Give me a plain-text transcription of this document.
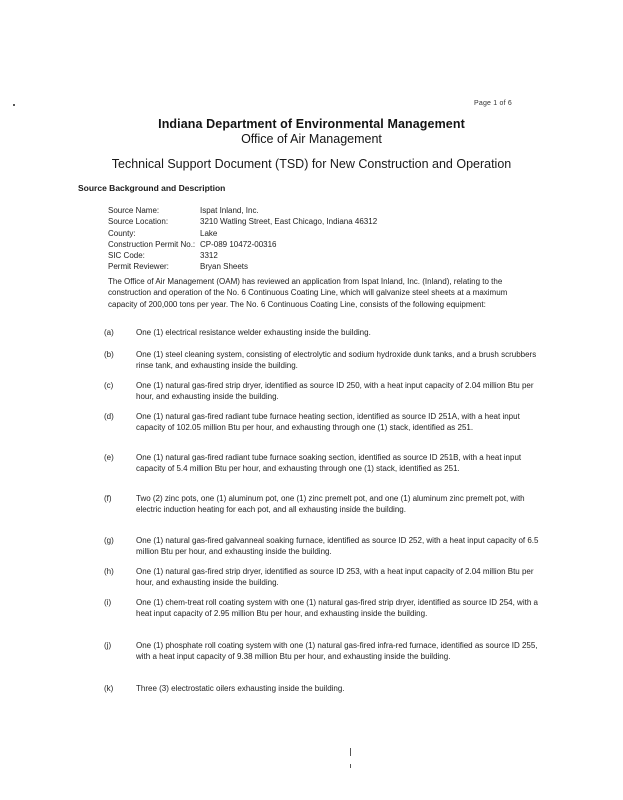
Page 1 of 6
Indiana Department of Environmental Management
Office of Air Management
Technical Support Document (TSD) for New Construction and Operation
Source Background and Description
Source Name:	Ispat Inland, Inc.
Source Location:	3210 Watling Street, East Chicago, Indiana 46312
County:	Lake
Construction Permit No.: CP-089 10472-00316
SIC Code:	3312
Permit Reviewer:	Bryan Sheets
The Office of Air Management (OAM) has reviewed an application from Ispat Inland, Inc. (Inland), relating to the construction and operation of the No. 6 Continuous Coating Line, which will galvanize steel sheets at a maximum capacity of 200,000 tons per year. The No. 6 Continuous Coating Line, consists of the following equipment:
(a)	One (1) electrical resistance welder exhausting inside the building.
(b)	One (1) steel cleaning system, consisting of electrolytic and sodium hydroxide dunk tanks, and a brush scrubbers rinse tank, and exhausting inside the building.
(c)	One (1) natural gas-fired strip dryer, identified as source ID 250, with a heat input capacity of 2.04 million Btu per hour, and exhausting inside the building.
(d)	One (1) natural gas-fired radiant tube furnace heating section, identified as source ID 251A, with a heat input capacity of 102.05 million Btu per hour, and exhausting through one (1) stack, identified as 251.
(e)	One (1) natural gas-fired radiant tube furnace soaking section, identified as source ID 251B, with a heat input capacity of 5.4 million Btu per hour, and exhausting through one (1) stack, identified as 251.
(f)	Two (2) zinc pots, one (1) aluminum pot, one (1) zinc premelt pot, and one (1) aluminum zinc premelt pot, with electric induction heating for each pot, and all exhausting inside the building.
(g)	One (1) natural gas-fired galvanneal soaking furnace, identified as source ID 252, with a heat input capacity of 6.5 million Btu per hour, and exhausting inside the building.
(h)	One (1) natural gas-fired strip dryer, identified as source ID 253, with a heat input capacity of 2.04 million Btu per hour, and exhausting inside the building.
(i)	One (1) chem-treat roll coating system with one (1) natural gas-fired strip dryer, identified as source ID 254, with a heat input capacity of 2.95 million Btu per hour, and exhausting inside the building.
(j)	One (1) phosphate roll coating system with one (1) natural gas-fired infra-red furnace, identified as source ID 255, with a heat input capacity of 9.38 million Btu per hour, and exhausting inside the building.
(k)	Three (3) electrostatic oilers exhausting inside the building.
